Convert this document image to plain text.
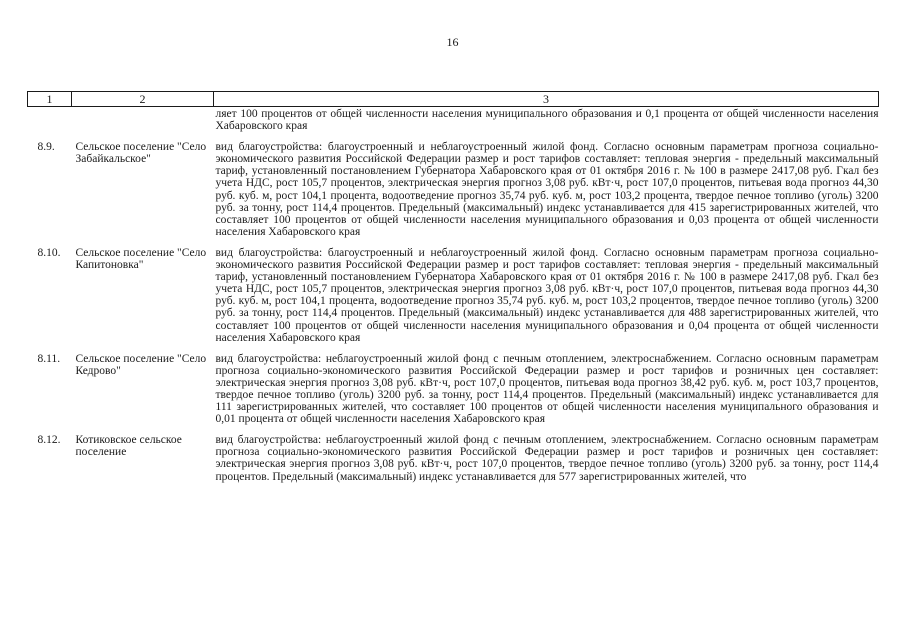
16
1	2	3
		ляет 100 процентов от общей численности населения муниципального образования и 0,1 процента от общей численности населения Хабаровского края
8.9.	Сельское поселение "Село Забайкальское"	вид благоустройства: благоустроенный и неблагоустроенный жилой фонд. Согласно основным параметрам прогноза социально-экономического развития Российской Федерации размер и рост тарифов составляет: тепловая энергия - предельный максимальный тариф, установленный постановлением Губернатора Хабаровского края от 01 октября 2016 г. № 100 в размере 2417,08 руб. Гкал без учета НДС, рост 105,7 процентов, электрическая энергия прогноз 3,08 руб. кВт·ч, рост 107,0 процентов, питьевая вода прогноз 44,30 руб. куб. м, рост 104,1 процента, водоотведение прогноз 35,74 руб. куб. м, рост 103,2 процента, твердое печное топливо (уголь) 3200 руб. за тонну, рост 114,4 процентов. Предельный (максимальный) индекс устанавливается для 415 зарегистрированных жителей, что составляет 100 процентов от общей численности населения муниципального образования и 0,03 процента от общей численности населения Хабаровского края
8.10.	Сельское поселение "Село Капитоновка"	вид благоустройства: благоустроенный и неблагоустроенный жилой фонд. Согласно основным параметрам прогноза социально-экономического развития Российской Федерации размер и рост тарифов составляет: тепловая энергия - предельный максимальный тариф, установленный постановлением Губернатора Хабаровского края от 01 октября 2016 г. № 100 в размере 2417,08 руб. Гкал без учета НДС, рост 105,7 процентов, электрическая энергия прогноз 3,08 руб. кВт·ч, рост 107,0 процентов, питьевая вода прогноз 44,30 руб. куб. м, рост 104,1 процента, водоотведение прогноз 35,74 руб. куб. м, рост 103,2 процентов, твердое печное топливо (уголь) 3200 руб. за тонну, рост 114,4 процентов. Предельный (максимальный) индекс устанавливается для 488 зарегистрированных жителей, что составляет 100 процентов от общей численности населения муниципального образования и 0,04 процента от общей численности населения Хабаровского края
8.11.	Сельское поселение "Село Кедрово"	вид благоустройства: неблагоустроенный жилой фонд с печным отоплением, электроснабжением. Согласно основным параметрам прогноза социально-экономического развития Российской Федерации размер и рост тарифов и розничных цен составляет: электрическая энергия прогноз 3,08 руб. кВт·ч, рост 107,0 процентов, питьевая вода прогноз 38,42 руб. куб. м, рост 103,7 процентов, твердое печное топливо (уголь) 3200 руб. за тонну, рост 114,4 процентов. Предельный (максимальный) индекс устанавливается для 111 зарегистрированных жителей, что составляет 100 процентов от общей численности населения муниципального образования и 0,01 процента от общей численности населения Хабаровского края
8.12.	Котиковское сельское поселение	вид благоустройства: неблагоустроенный жилой фонд с печным отоплением, электроснабжением. Согласно основным параметрам прогноза социально-экономического развития Российской Федерации размер и рост тарифов и розничных цен составляет: электрическая энергия прогноз 3,08 руб. кВт·ч, рост 107,0 процентов, твердое печное топливо (уголь) 3200 руб. за тонну, рост 114,4 процентов. Предельный (максимальный) индекс устанавливается для 577 зарегистрированных жителей, что
